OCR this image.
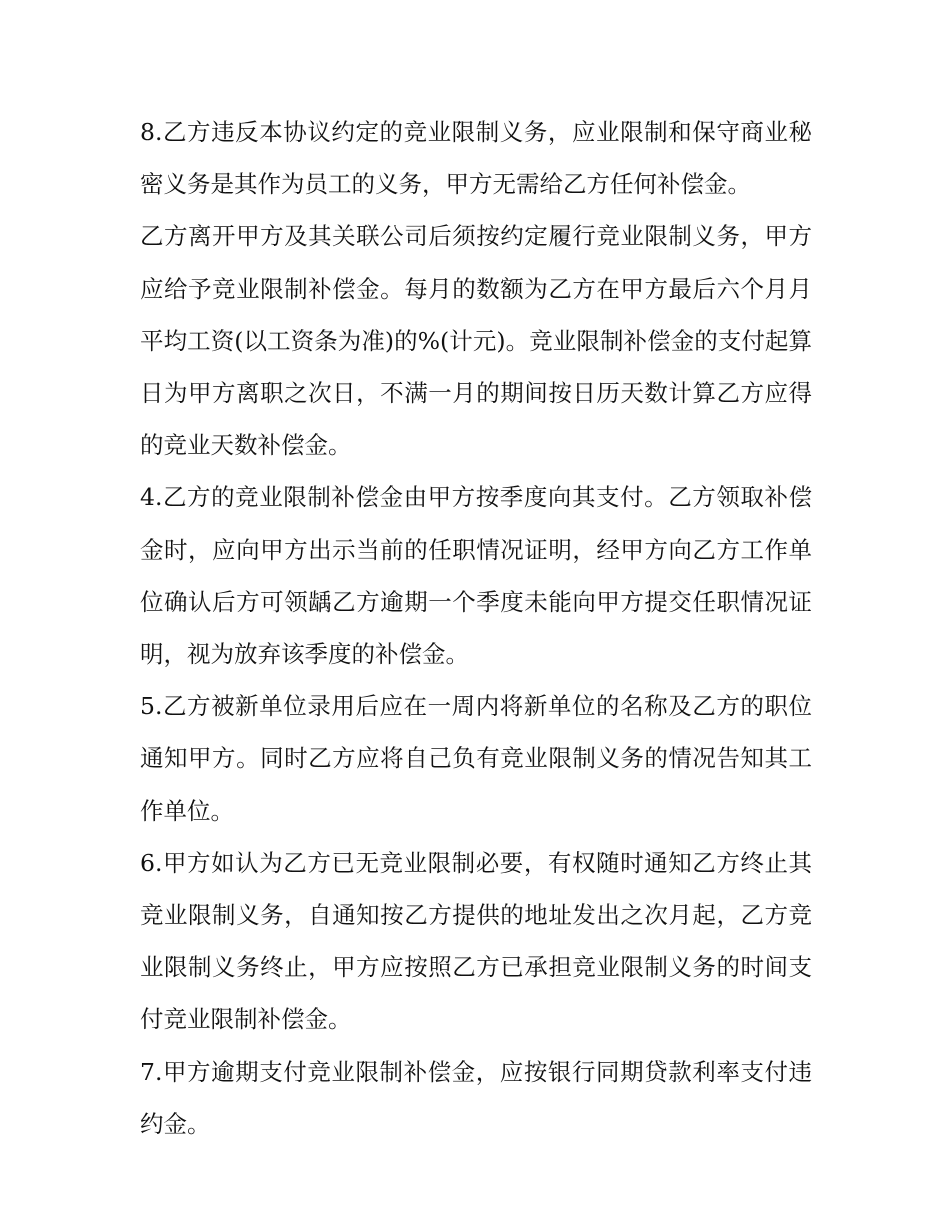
8.乙方违反本协议约定的竞业限制义务，应业限制和保守商业秘密义务是其作为员工的义务，甲方无需给乙方任何补偿金。

乙方离开甲方及其关联公司后须按约定履行竞业限制义务，甲方应给予竞业限制补偿金。每月的数额为乙方在甲方最后六个月月平均工资(以工资条为准)的%(计元)。竞业限制补偿金的支付起算日为甲方离职之次日，不满一月的期间按日历天数计算乙方应得的竞业天数补偿金。

4.乙方的竞业限制补偿金由甲方按季度向其支付。乙方领取补偿金时，应向甲方出示当前的任职情况证明，经甲方向乙方工作单位确认后方可领龋乙方逾期一个季度未能向甲方提交任职情况证明，视为放弃该季度的补偿金。

5.乙方被新单位录用后应在一周内将新单位的名称及乙方的职位通知甲方。同时乙方应将自己负有竞业限制义务的情况告知其工作单位。

6.甲方如认为乙方已无竞业限制必要，有权随时通知乙方终止其竞业限制义务，自通知按乙方提供的地址发出之次月起，乙方竞业限制义务终止，甲方应按照乙方已承担竞业限制义务的时间支付竞业限制补偿金。

7.甲方逾期支付竞业限制补偿金，应按银行同期贷款利率支付违约金。
